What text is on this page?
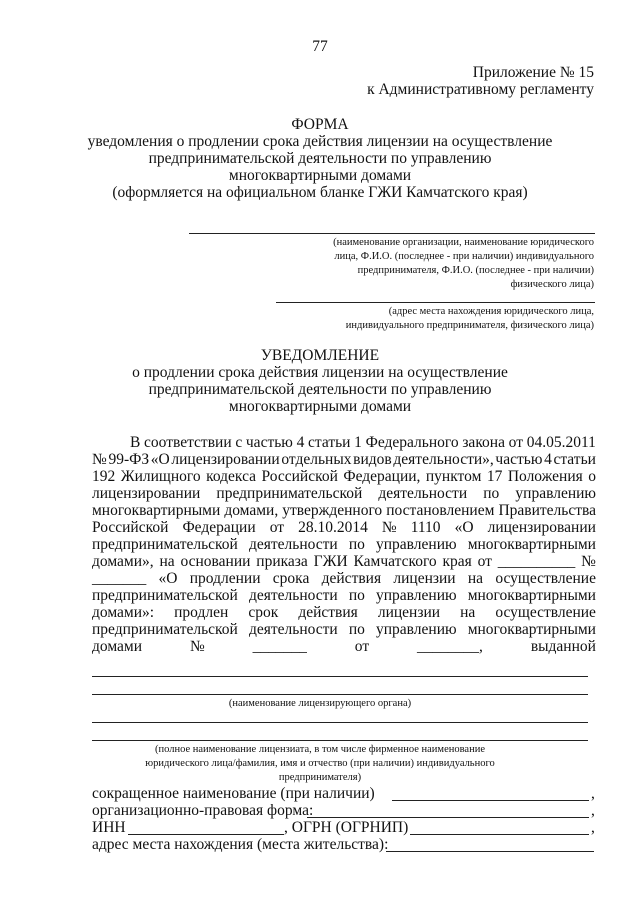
77
Приложение № 15
к Административному регламенту
ФОРМА
уведомления о продлении срока действия лицензии на осуществление
предпринимательской деятельности по управлению
многоквартирными домами
(оформляется на официальном бланке ГЖИ Камчатского края)
(наименование организации, наименование юридического
лица, Ф.И.О. (последнее - при наличии) индивидуального
предпринимателя, Ф.И.О. (последнее - при наличии)
физического лица)
(адрес места нахождения юридического лица,
индивидуального предпринимателя, физического лица)
УВЕДОМЛЕНИЕ
о продлении срока действия лицензии на осуществление
предпринимательской деятельности по управлению
многоквартирными домами
В соответствии с частью 4 статьи 1 Федерального закона от 04.05.2011
№ 99-ФЗ «О лицензировании отдельных видов деятельности», частью 4 статьи
192 Жилищного кодекса Российской Федерации, пунктом 17 Положения о
лицензировании предпринимательской деятельности по управлению
многоквартирными домами, утвержденного постановлением Правительства
Российской Федерации от 28.10.2014 № 1110 «О лицензировании
предпринимательской деятельности по управлению многоквартирными
домами», на основании приказа ГЖИ Камчатского края от __________ №
_______ «О продлении срока действия лицензии на осуществление
предпринимательской деятельности по управлению многоквартирными
домами»: продлен срок действия лицензии на осуществление
предпринимательской деятельности по управлению многоквартирными
домами	№	_______	от	________,	выданной
(наименование лицензирующего органа)
(полное наименование лицензиата, в том числе фирменное наименование
юридического лица/фамилия, имя и отчество (при наличии) индивидуального
предпринимателя)
сокращенное наименование (при наличии)	,
организационно-правовая форма:	,
ИНН	, ОГРН (ОГРНИП)	,
адрес места нахождения (места жительства):
